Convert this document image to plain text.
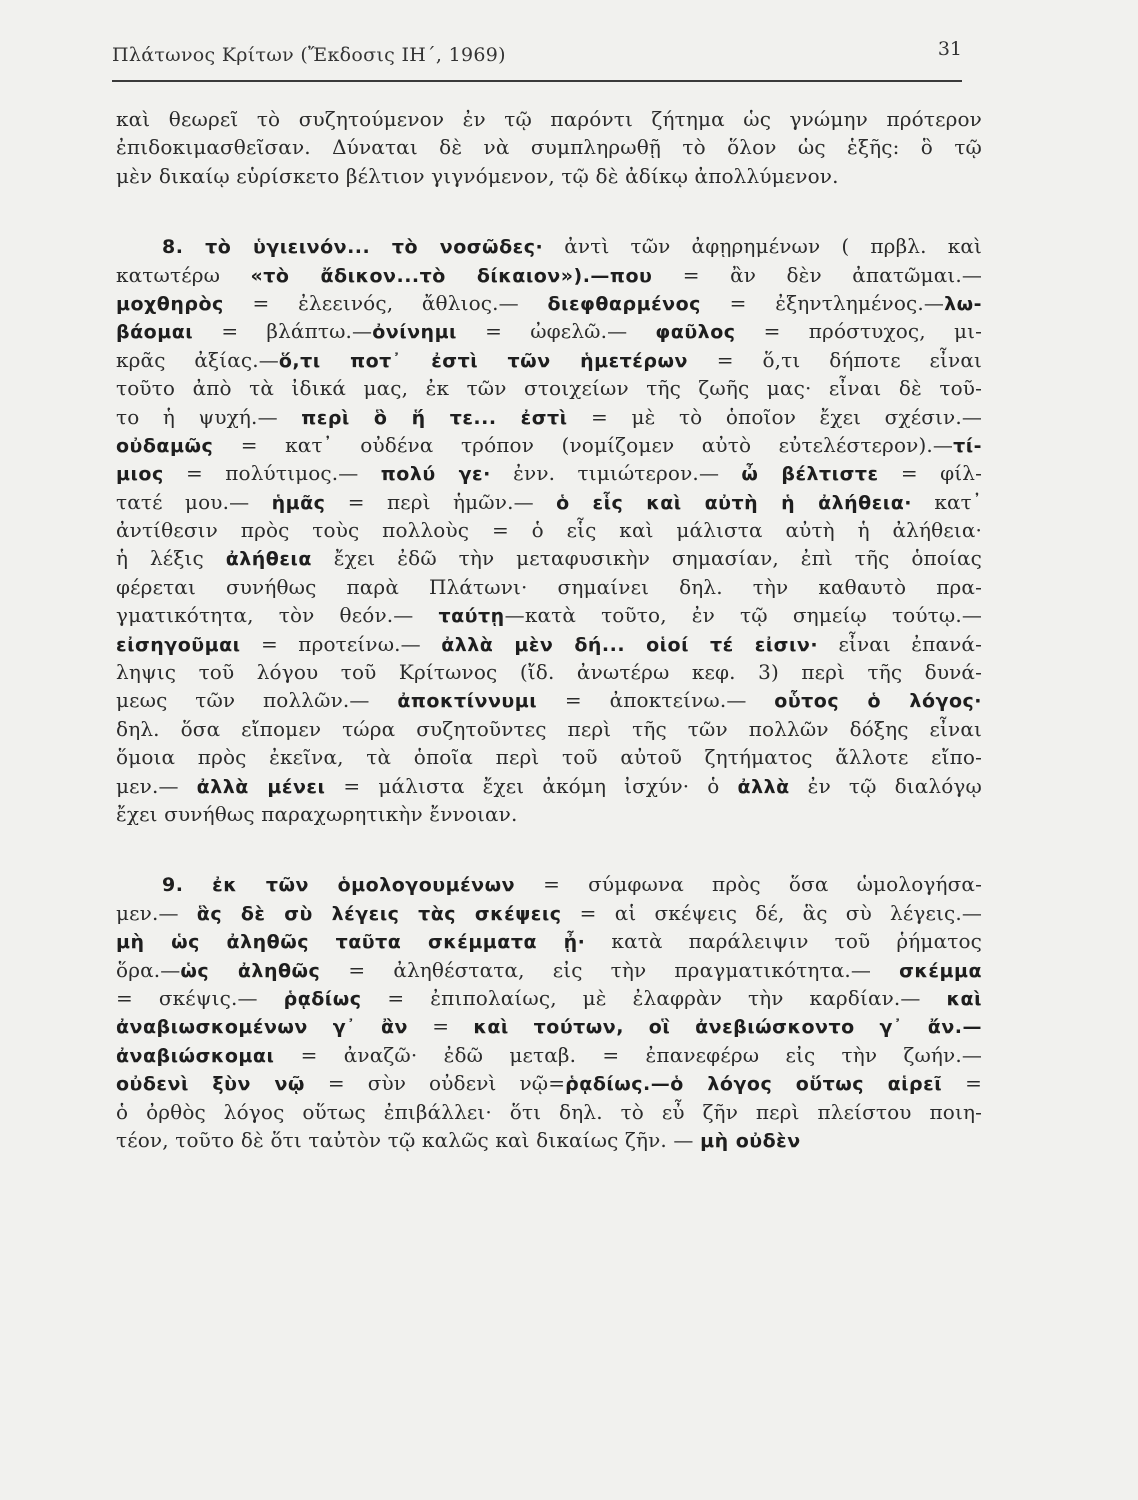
Πλάτωνος Κρίτων (Ἔκδοσις ΙΗ΄, 1969)	31
καὶ θεωρεῖ τὸ συζητούμενον ἐν τῷ παρόντι ζήτημα ὡς γνώμην πρότερον
ἐπιδοκιμασθεῖσαν. Δύναται δὲ νὰ συμπληρωθῇ τὸ ὅλον ὡς ἑξῆς: ὃ τῷ
μὲν δικαίῳ εὑρίσκετο βέλτιον γιγνόμενον, τῷ δὲ ἀδίκῳ ἀπολλύμενον.
8. τὸ ὑγιεινόν... τὸ νοσῶδες· ἀντὶ τῶν ἀφῃρημένων ( πρβλ. καὶ
κατωτέρω «τὸ ἄδικον...τὸ δίκαιον»).—που = ἂν δὲν ἀπατῶμαι.—
μοχθηρὸς = ἐλεεινός, ἄθλιος.— διεφθαρμένος = ἐξηντλημένος.—λω-
βάομαι = βλάπτω.—ὀνίνημι = ὠφελῶ.— φαῦλος = πρόστυχος, μι-
κρᾶς ἀξίας.—ὅ,τι ποτ᾽ ἐστὶ τῶν ἡμετέρων = ὅ,τι δήποτε εἶναι
τοῦτο ἀπὸ τὰ ἰδικά μας, ἐκ τῶν στοιχείων τῆς ζωῆς μας· εἶναι δὲ τοῦ-
το ἡ ψυχή.— περὶ ὃ ἥ τε... ἐστὶ = μὲ τὸ ὁποῖον ἔχει σχέσιν.—
οὐδαμῶς = κατ᾽ οὐδένα τρόπον (νομίζομεν αὐτὸ εὐτελέστερον).—τί-
μιος = πολύτιμος.— πολύ γε· ἐνν. τιμιώτερον.— ὦ βέλτιστε = φίλ-
τατέ μου.— ἡμᾶς = περὶ ἡμῶν.— ὁ εἷς καὶ αὐτὴ ἡ ἀλήθεια· κατ᾽
ἀντίθεσιν πρὸς τοὺς πολλοὺς = ὁ εἷς καὶ μάλιστα αὐτὴ ἡ ἀλήθεια·
ἡ λέξις ἀλήθεια ἔχει ἐδῶ τὴν μεταφυσικὴν σημασίαν, ἐπὶ τῆς ὁποίας
φέρεται συνήθως παρὰ Πλάτωνι· σημαίνει δηλ. τὴν καθαυτὸ πρα-
γματικότητα, τὸν θεόν.— ταύτῃ—κατὰ τοῦτο, ἐν τῷ σημείῳ τούτῳ.—
εἰσηγοῦμαι = προτείνω.— ἀλλὰ μὲν δή... οἱοί τέ εἰσιν· εἶναι ἐπανά-
ληψις τοῦ λόγου τοῦ Κρίτωνος (ἴδ. ἀνωτέρω κεφ. 3) περὶ τῆς δυνά-
μεως τῶν πολλῶν.— ἀποκτίννυμι = ἀποκτείνω.— οὗτος ὁ λόγος·
δηλ. ὅσα εἴπομεν τώρα συζητοῦντες περὶ τῆς τῶν πολλῶν δόξης εἶναι
ὅμοια πρὸς ἐκεῖνα, τὰ ὁποῖα περὶ τοῦ αὐτοῦ ζητήματος ἄλλοτε εἴπο-
μεν.— ἀλλὰ μένει = μάλιστα ἔχει ἀκόμη ἰσχύν· ὁ ἀλλὰ ἐν τῷ διαλόγῳ
ἔχει συνήθως παραχωρητικὴν ἔννοιαν.
9. ἐκ τῶν ὁμολογουμένων = σύμφωνα πρὸς ὅσα ὡμολογήσα-
μεν.— ἃς δὲ σὺ λέγεις τὰς σκέψεις = αἱ σκέψεις δέ, ἃς σὺ λέγεις.—
μὴ ὡς ἀληθῶς ταῦτα σκέμματα ᾖ· κατὰ παράλειψιν τοῦ ῥήματος
ὅρα.—ὡς ἀληθῶς = ἀληθέστατα, εἰς τὴν πραγματικότητα.— σκέμμα
= σκέψις.— ῥᾳδίως = ἐπιπολαίως, μὲ ἐλαφρὰν τὴν καρδίαν.— καὶ
ἀναβιωσκομένων γ᾽ ἂν = καὶ τούτων, οἳ ἀνεβιώσκοντο γ᾽ ἄν.—
ἀναβιώσκομαι = ἀναζῶ· ἐδῶ μεταβ. = ἐπανεφέρω εἰς τὴν ζωήν.—
οὐδενὶ ξὺν νῷ = σὺν οὐδενὶ νῷ=ῥᾳδίως.—ὁ λόγος οὕτως αἱρεῖ =
ὁ ὀρθὸς λόγος οὕτως ἐπιβάλλει· ὅτι δηλ. τὸ εὖ ζῆν περὶ πλείστου ποιη-
τέον, τοῦτο δὲ ὅτι ταὐτὸν τῷ καλῶς καὶ δικαίως ζῆν. — μὴ οὐδὲν
